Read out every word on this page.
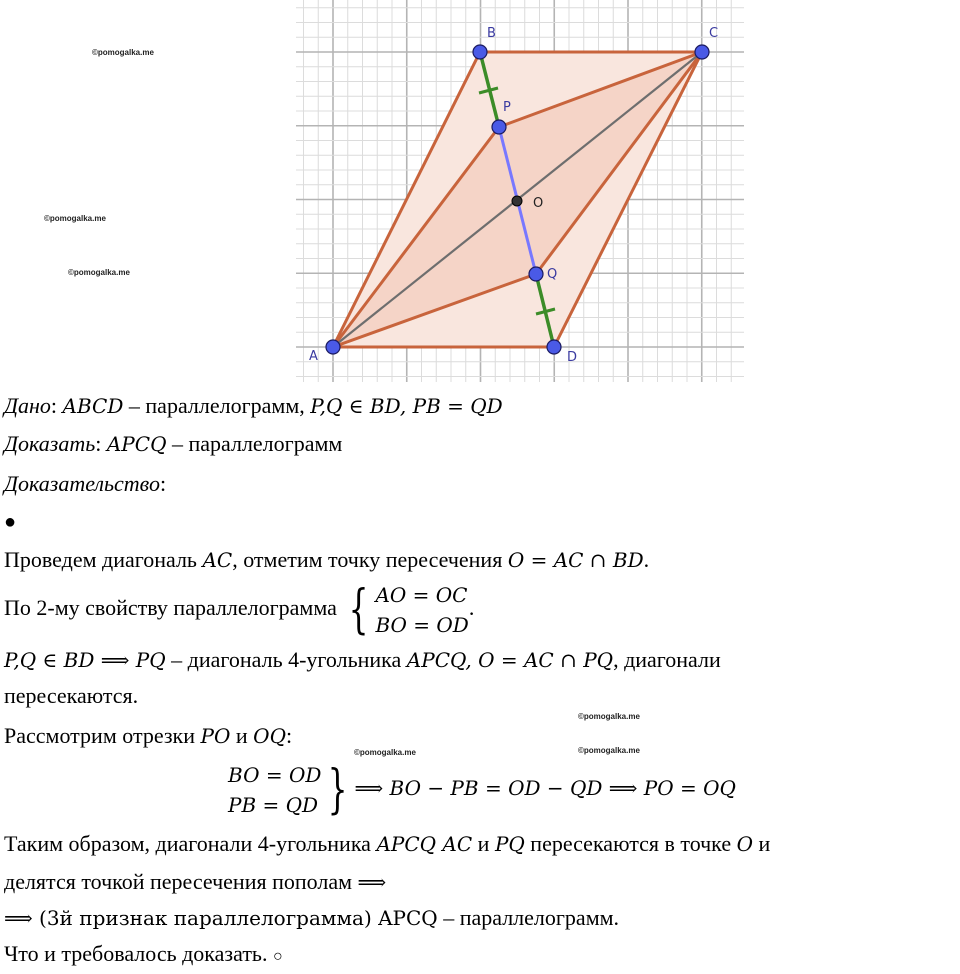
©pomogalka.me
©pomogalka.me
©pomogalka.me
©pomogalka.me
©pomogalka.me	©pomogalka.me
A
B	C
D
P
Q
O
Дано: ABCD – параллелограмм, P,Q ∈ BD, PB = QD
Доказать: APCQ – параллелограмм
Доказательство:
●
Проведем диагональ AC, отметим точку пересечения O = AC ∩ BD.
По 2-му свойству параллелограмма { AO = OC
BO = OD
.
P,Q ∈ BD ⟹ PQ – диагональ 4-угольника APCQ, O = AC ∩ PQ, диагонали
пересекаются.
Рассмотрим отрезки PO и OQ:
BO = OD
PB = QD } ⟹ BO − PB = OD − QD ⟹ PO = OQ
Таким образом, диагонали 4-угольника APCQ AC и PQ пересекаются в точке O и
делятся точкой пересечения пополам ⟹
⟹ (3й признак параллелограмма) APCQ – параллелограмм.
Что и требовалось доказать. ○
